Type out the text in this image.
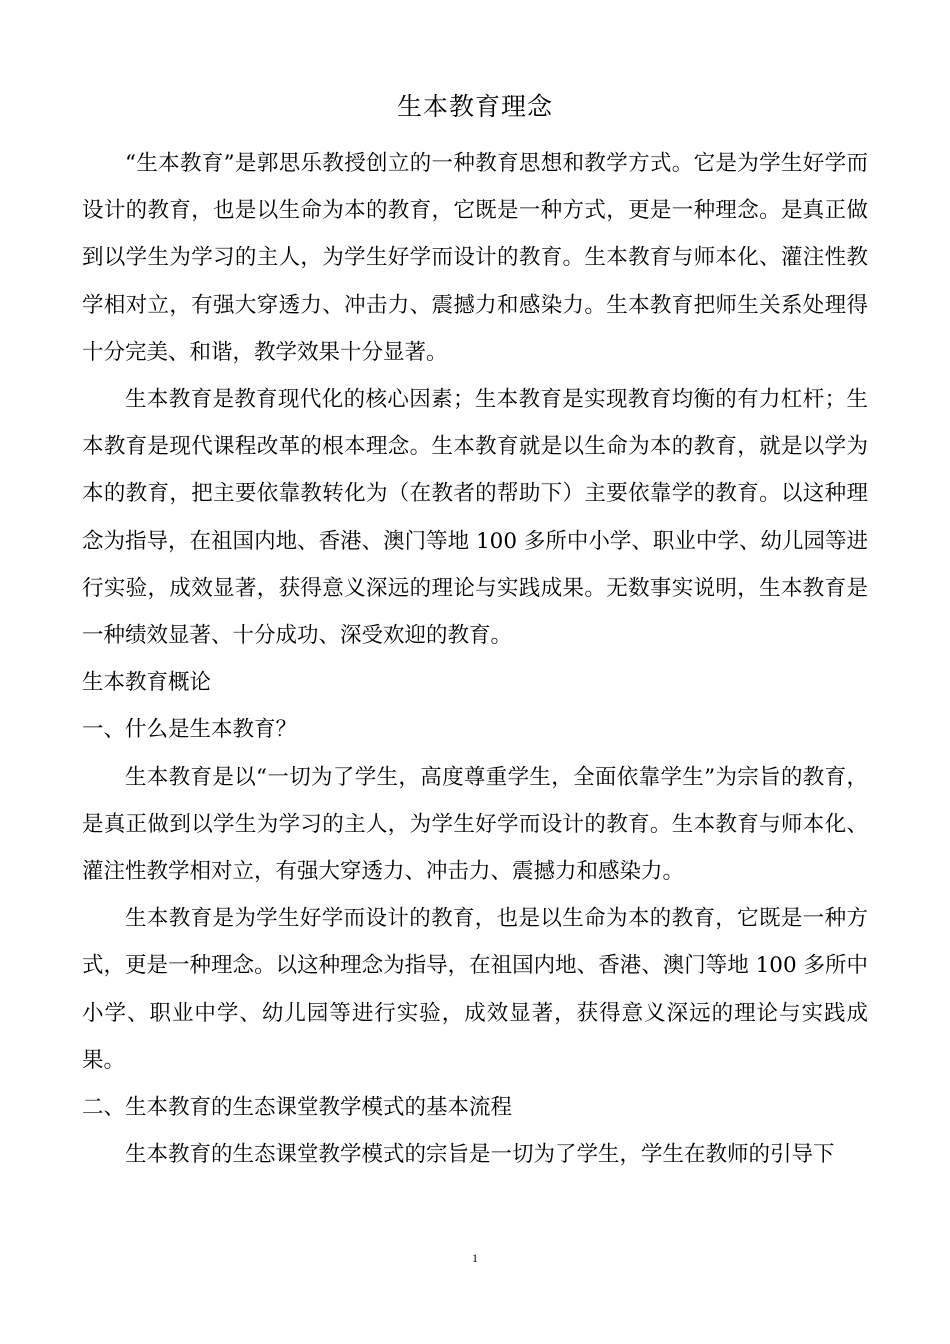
生本教育理念

“生本教育”是郭思乐教授创立的一种教育思想和教学方式。它是为学生好学而设计的教育，也是以生命为本的教育，它既是一种方式，更是一种理念。是真正做到以学生为学习的主人，为学生好学而设计的教育。生本教育与师本化、灌注性教学相对立，有强大穿透力、冲击力、震撼力和感染力。生本教育把师生关系处理得十分完美、和谐，教学效果十分显著。

生本教育是教育现代化的核心因素；生本教育是实现教育均衡的有力杠杆；生本教育是现代课程改革的根本理念。生本教育就是以生命为本的教育，就是以学为本的教育，把主要依靠教转化为（在教者的帮助下）主要依靠学的教育。以这种理念为指导，在祖国内地、香港、澳门等地 100 多所中小学、职业中学、幼儿园等进行实验，成效显著，获得意义深远的理论与实践成果。无数事实说明，生本教育是一种绩效显著、十分成功、深受欢迎的教育。

生本教育概论

一、什么是生本教育？

生本教育是以“一切为了学生，高度尊重学生，全面依靠学生”为宗旨的教育，是真正做到以学生为学习的主人，为学生好学而设计的教育。生本教育与师本化、灌注性教学相对立，有强大穿透力、冲击力、震撼力和感染力。

生本教育是为学生好学而设计的教育，也是以生命为本的教育，它既是一种方式，更是一种理念。以这种理念为指导，在祖国内地、香港、澳门等地 100 多所中小学、职业中学、幼儿园等进行实验，成效显著，获得意义深远的理论与实践成果。

二、生本教育的生态课堂教学模式的基本流程

生本教育的生态课堂教学模式的宗旨是一切为了学生，学生在教师的引导下

1
